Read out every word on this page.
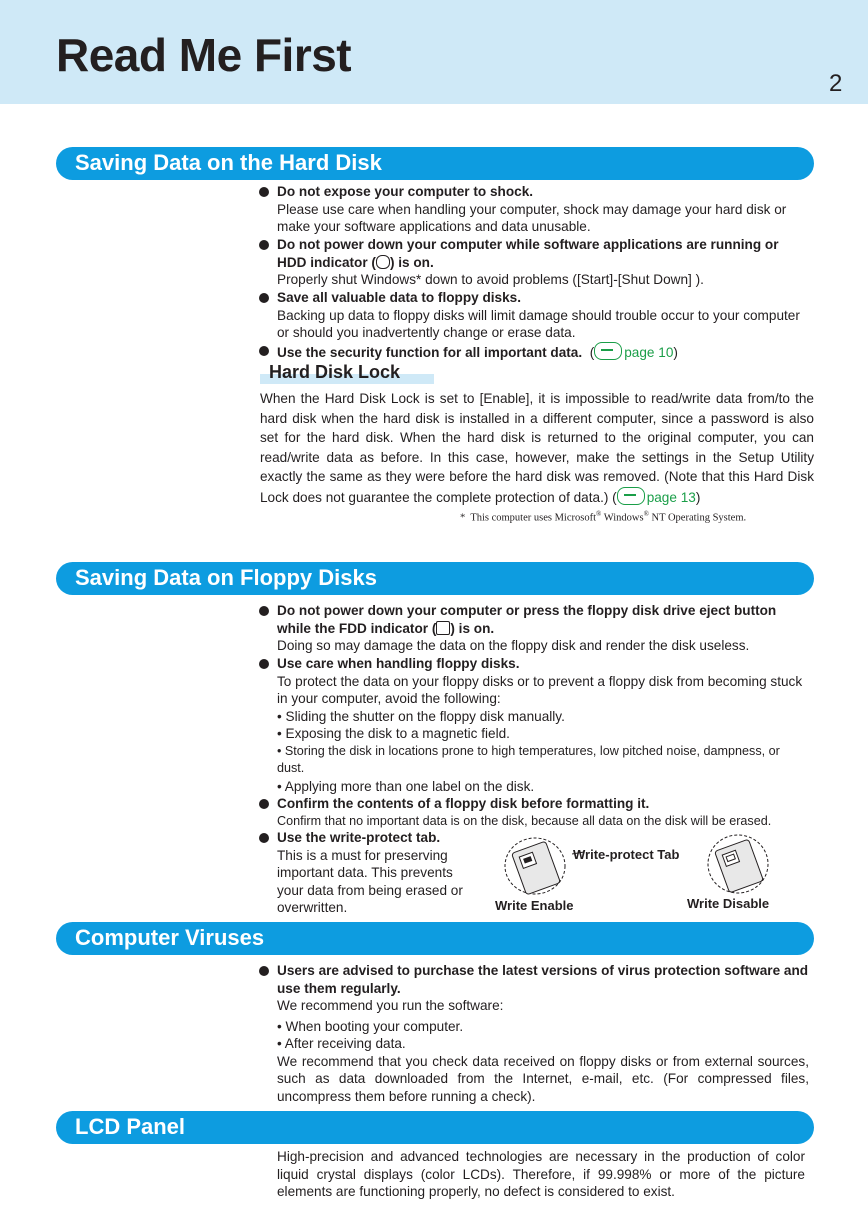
Read Me First
2
Saving Data on the Hard Disk
Do not expose your computer to shock.
Please use care when handling your computer, shock may damage your hard disk or make your software applications and data unusable.
Do not power down your computer while software applications are running or HDD indicator ( ) is on.
Properly shut Windows* down to avoid problems ([Start]-[Shut Down] ).
Save all valuable data to floppy disks.
Backing up data to floppy disks will limit damage should trouble occur to your computer or should you inadvertently change or erase data.
Use the security function for all important data.  ( page 10)
Hard Disk Lock
When the Hard Disk Lock is set to [Enable], it is impossible to read/write data from/to the hard disk when the hard disk is installed in a different computer, since a password is also set for the hard disk. When the hard disk is returned to the original computer, you can read/write data as before. In this case, however, make the settings in the Setup Utility exactly the same as they were before the hard disk was removed. (Note that this Hard Disk Lock does not guarantee the complete protection of data.) ( page 13)
* This computer uses Microsoft® Windows® NT Operating System.
Saving Data on Floppy Disks
Do not power down your computer or press the floppy disk drive eject button while the FDD indicator ( ) is on.
Doing so may damage the data on the floppy disk and render the disk useless.
Use care when handling floppy disks.
To protect the data on your floppy disks or to prevent a floppy disk from becoming stuck in your computer, avoid the following:
• Sliding the shutter on the floppy disk manually.
• Exposing the disk to a magnetic field.
• Storing the disk in locations prone to high temperatures, low pitched noise, dampness, or dust.
• Applying more than one label on the disk.
Confirm the contents of a floppy disk before formatting it.
Confirm that no important data is on the disk, because all data on the disk will be erased.
Use the write-protect tab.
This is a must for preserving important data. This prevents your data from being erased or overwritten.
Write-protect Tab
Write Enable	Write Disable
Computer Viruses
Users are advised to purchase the latest versions of virus protection software and use them regularly.
We recommend you run the software:
• When booting your computer.
• After receiving data.
We recommend that you check data received on floppy disks or from external sources, such as data downloaded from the Internet, e-mail, etc. (For compressed files, uncompress them before running a check).
LCD Panel
High-precision and advanced technologies are necessary in the production of color liquid crystal displays (color LCDs). Therefore, if 99.998% or more of the picture elements are functioning properly, no defect is considered to exist.
